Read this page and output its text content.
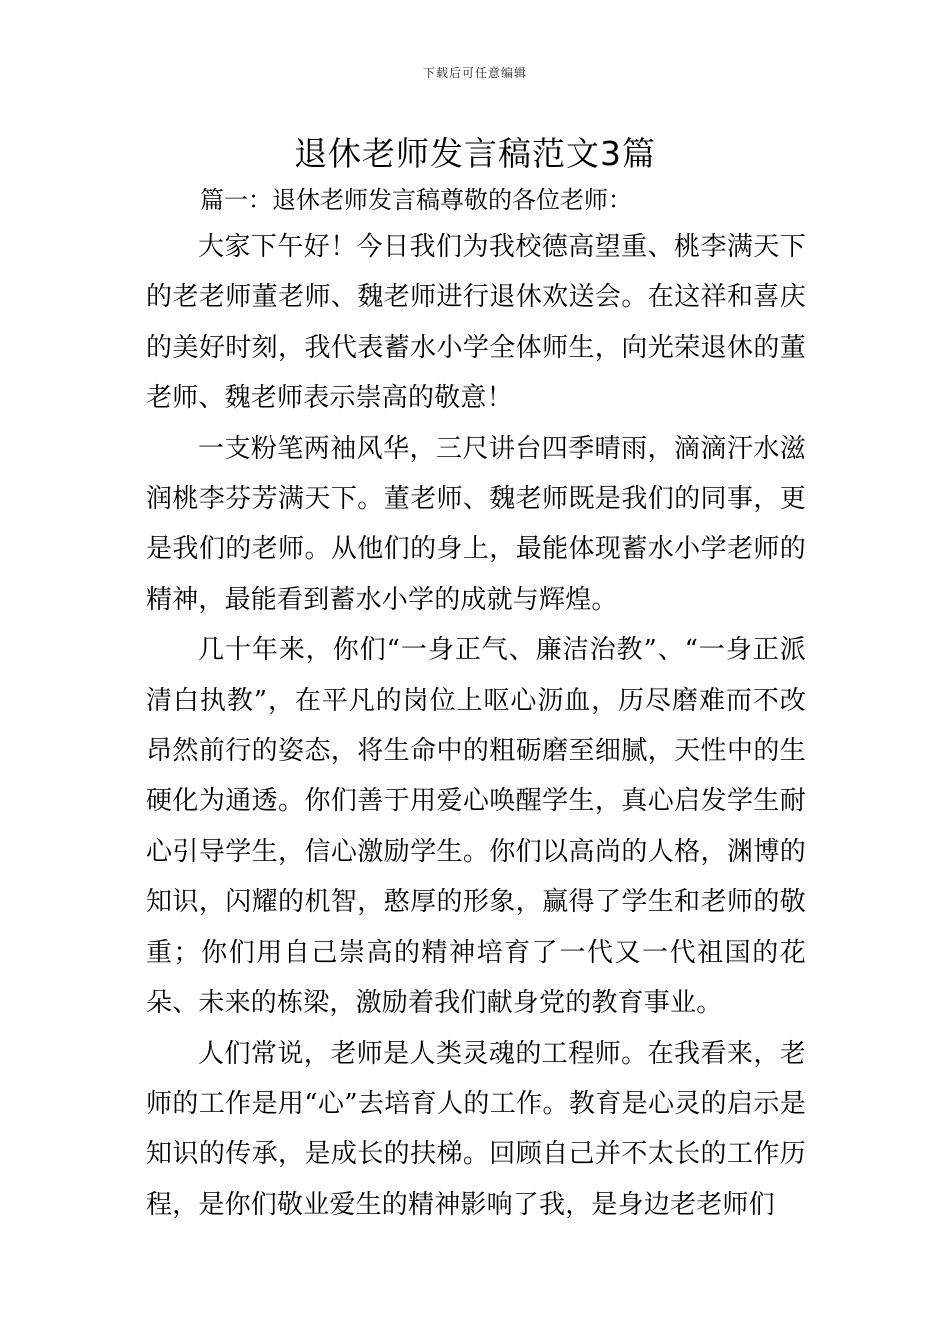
下载后可任意编辑
退休老师发言稿范文3篇
篇一：退休老师发言稿尊敬的各位老师：

大家下午好！今日我们为我校德高望重、桃李满天下的老老师董老师、魏老师进行退休欢送会。在这祥和喜庆的美好时刻，我代表蓄水小学全体师生，向光荣退休的董老师、魏老师表示崇高的敬意！

一支粉笔两袖风华，三尺讲台四季晴雨，滴滴汗水滋润桃李芬芳满天下。董老师、魏老师既是我们的同事，更是我们的老师。从他们的身上，最能体现蓄水小学老师的精神，最能看到蓄水小学的成就与辉煌。

几十年来，你们“一身正气、廉洁治教”、“一身正派清白执教”，在平凡的岗位上呕心沥血，历尽磨难而不改昂然前行的姿态，将生命中的粗砺磨至细腻，天性中的生硬化为通透。你们善于用爱心唤醒学生，真心启发学生耐心引导学生，信心激励学生。你们以高尚的人格，渊博的知识，闪耀的机智，憨厚的形象，赢得了学生和老师的敬重；你们用自己崇高的精神培育了一代又一代祖国的花朵、未来的栋梁，激励着我们献身党的教育事业。

人们常说，老师是人类灵魂的工程师。在我看来，老师的工作是用“心”去培育人的工作。教育是心灵的启示是知识的传承，是成长的扶梯。回顾自己并不太长的工作历程，是你们敬业爱生的精神影响了我，是身边老老师们
